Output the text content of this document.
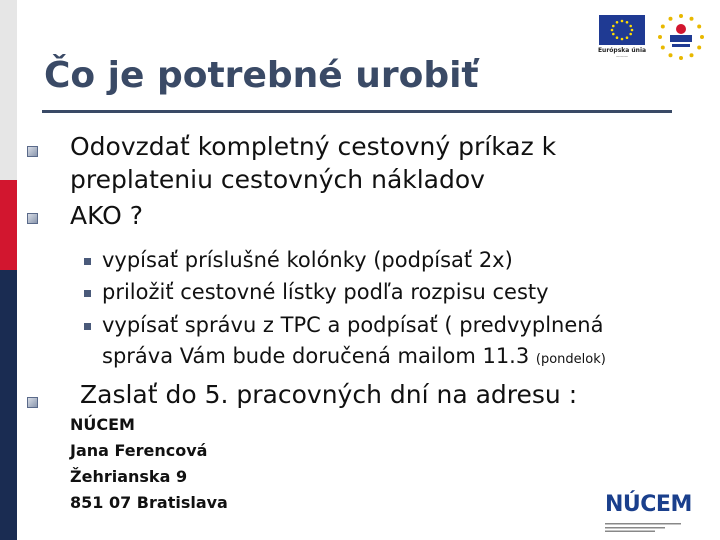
Európska únia
———
Čo je potrebné urobiť
Odovzdať kompletný cestovný príkaz k
preplateniu cestovných nákladov
AKO ?
vypísať príslušné kolónky (podpísať 2x)
priložiť cestovné lístky podľa rozpisu cesty
vypísať správu z TPC a podpísať ( predvyplnená
správa Vám bude doručená mailom 11.3 (pondelok)
Zaslať do 5. pracovných dní na adresu :
NÚCEM
Jana Ferencová
Žehrianska 9
851 07 Bratislava	NÚCEM
